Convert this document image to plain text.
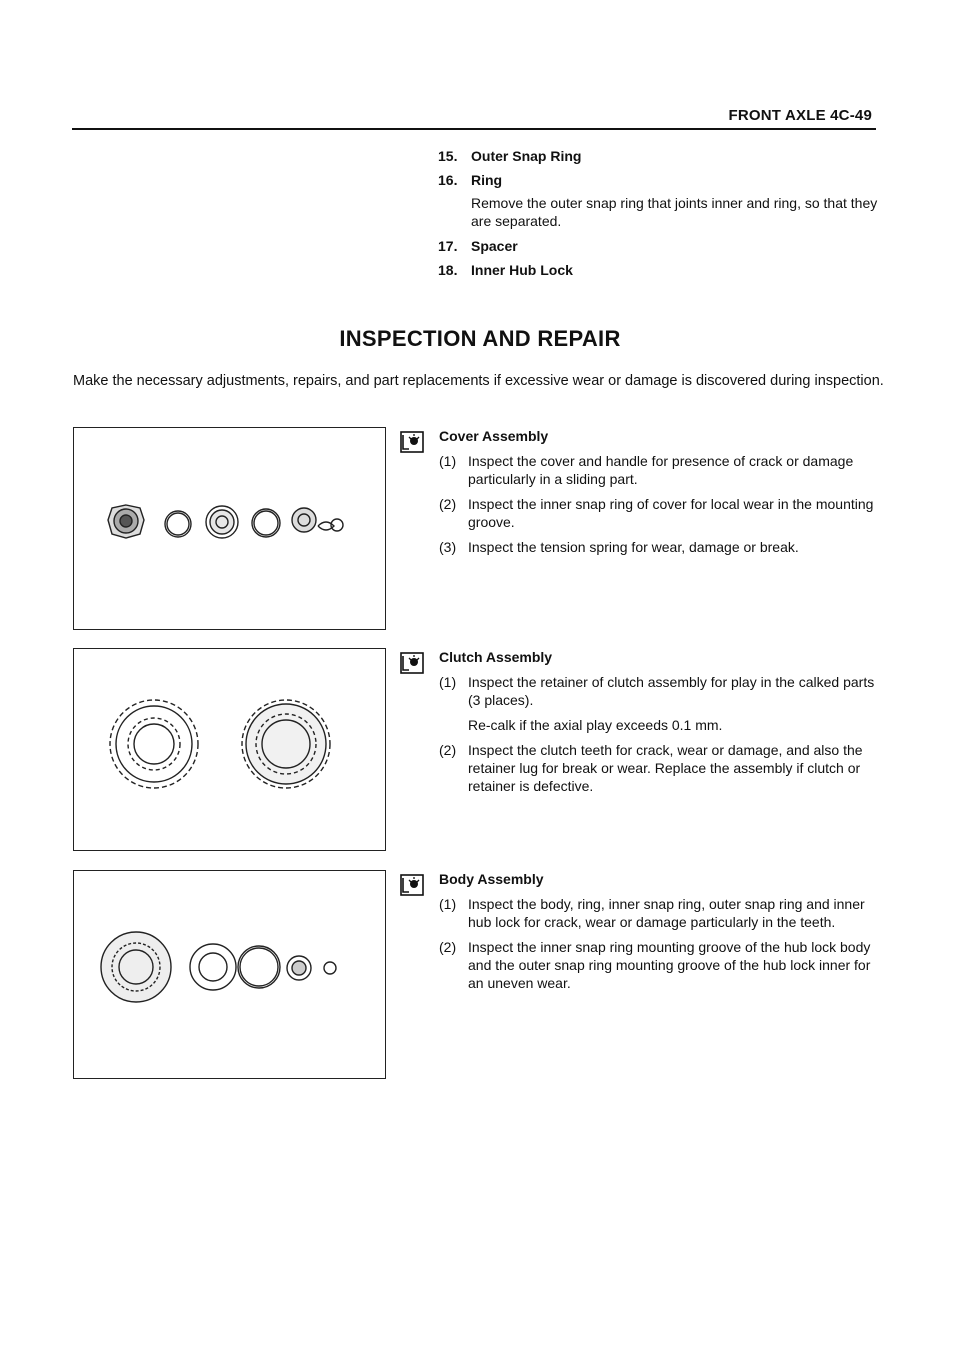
FRONT AXLE 4C-49
15. Outer Snap Ring
16. Ring
Remove the outer snap ring that joints inner and ring, so that they are separated.
17. Spacer
18. Inner Hub Lock
INSPECTION AND REPAIR
Make the necessary adjustments, repairs, and part replacements if excessive wear or damage is discovered during inspection.
Cover Assembly
(1) Inspect the cover and handle for presence of crack or damage particularly in a sliding part.
(2) Inspect the inner snap ring of cover for local wear in the mounting groove.
(3) Inspect the tension spring for wear, damage or break.
Clutch Assembly
(1) Inspect the retainer of clutch assembly for play in the calked parts (3 places).
Re-calk if the axial play exceeds 0.1 mm.
(2) Inspect the clutch teeth for crack, wear or damage, and also the retainer lug for break or wear. Replace the assembly if clutch or retainer is defective.
Body Assembly
(1) Inspect the body, ring, inner snap ring, outer snap ring and inner hub lock for crack, wear or damage particularly in the teeth.
(2) Inspect the inner snap ring mounting groove of the hub lock body and the outer snap ring mounting groove of the hub lock inner for an uneven wear.
